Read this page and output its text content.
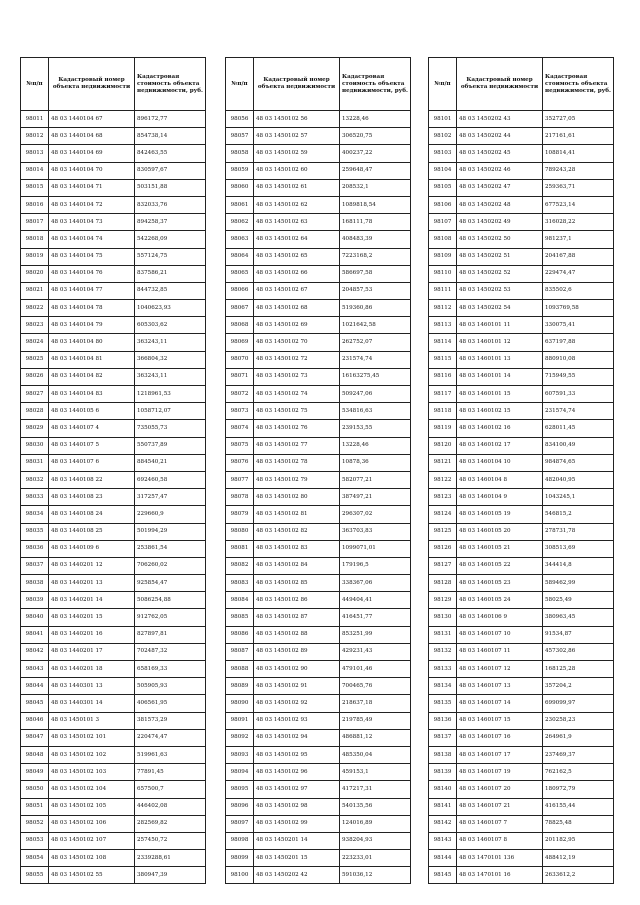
№п/п	Кадастровый номер объекта недвижимости	Кадастровая стоимость объекта недвижимости, руб.
98011	48 03 1440104 67	896172,77
98012	48 03 1440104 68	854738,14
98013	48 03 1440104 69	842463,55
98014	48 03 1440104 70	830597,67
98015	48 03 1440104 71	503151,88
98016	48 03 1440104 72	832033,76
98017	48 03 1440104 73	894258,37
98018	48 03 1440104 74	542268,09
98019	48 03 1440104 75	557124,75
98020	48 03 1440104 76	837586,21
98021	48 03 1440104 77	844732,85
98022	48 03 1440104 78	1040623,93
98023	48 03 1440104 79	605303,62
98024	48 03 1440104 80	363243,11
98025	48 03 1440104 81	366804,32
98026	48 03 1440104 82	363243,11
98027	48 03 1440104 83	1218961,53
98028	48 03 1440105 6	1058712,07
98029	48 03 1440107 4	735055,73
98030	48 03 1440107 5	550737,89
98031	48 03 1440107 6	884540,21
98032	48 03 1440108 22	692460,58
98033	48 03 1440108 23	317257,47
98034	48 03 1440108 24	229660,9
98035	48 03 1440108 25	501994,29
98036	48 03 1440109 6	253861,54
98037	48 03 1440201 12	706260,02
98038	48 03 1440201 13	925854,47
98039	48 03 1440201 14	5086254,88
98040	48 03 1440201 15	912762,05
98041	48 03 1440201 16	827897,81
98042	48 03 1440201 17	702487,32
98043	48 03 1440201 18	658169,33
98044	48 03 1440301 13	505905,93
98045	48 03 1440301 14	406561,95
98046	48 03 1450101 3	381573,29
98047	48 03 1450102 101	220474,47
98048	48 03 1450102 102	519961,63
98049	48 03 1450102 103	77891,45
98050	48 03 1450102 104	657500,7
98051	48 03 1450102 105	446402,08
98052	48 03 1450102 106	282569,82
98053	48 03 1450102 107	257450,72
98054	48 03 1450102 108	2339288,61
98055	48 03 1450102 55	380947,39
№п/п	Кадастровый номер объекта недвижимости	Кадастровая стоимость объекта недвижимости, руб.
98056	48 03 1450102 56	13228,46
98057	48 03 1450102 57	306520,75
98058	48 03 1450102 59	400237,22
98059	48 03 1450102 60	259648,47
98060	48 03 1450102 61	208532,1
98061	48 03 1450102 62	1089818,54
98062	48 03 1450102 63	168111,78
98063	48 03 1450102 64	408483,39
98064	48 03 1450102 65	7223168,2
98065	48 03 1450102 66	586697,58
98066	48 03 1450102 67	204857,53
98067	48 03 1450102 68	519360,86
98068	48 03 1450102 69	1021642,58
98069	48 03 1450102 70	262752,07
98070	48 03 1450102 72	231574,74
98071	48 03 1450102 73	16163275,45
98072	48 03 1450102 74	509247,06
98073	48 03 1450102 75	534816,63
98074	48 03 1450102 76	239153,55
98075	48 03 1450102 77	13228,46
98076	48 03 1450102 78	10878,36
98077	48 03 1450102 79	582077,21
98078	48 03 1450102 80	387497,21
98079	48 03 1450102 81	296307,02
98080	48 03 1450102 82	363703,83
98081	48 03 1450102 83	1099071,01
98082	48 03 1450102 84	179196,5
98083	48 03 1450102 85	338367,06
98084	48 03 1450102 86	449404,41
98085	48 03 1450102 87	416451,77
98086	48 03 1450102 88	853251,99
98087	48 03 1450102 89	429231,43
98088	48 03 1450102 90	479101,46
98089	48 03 1450102 91	700465,76
98090	48 03 1450102 92	218637,18
98091	48 03 1450102 93	219785,49
98092	48 03 1450102 94	486881,12
98093	48 03 1450102 95	485350,04
98094	48 03 1450102 96	459153,1
98095	48 03 1450102 97	417217,31
98096	48 03 1450102 98	540135,56
98097	48 03 1450102 99	124016,89
98098	48 03 1450201 14	938204,93
98099	48 03 1450201 15	223233,01
98100	48 03 1450202 42	591036,12
№п/п	Кадастровый номер объекта недвижимости	Кадастровая стоимость объекта недвижимости, руб.
98101	48 03 1450202 43	352727,05
98102	48 03 1450202 44	217161,61
98103	48 03 1450202 45	108814,41
98104	48 03 1450202 46	789243,28
98105	48 03 1450202 47	259363,71
98106	48 03 1450202 48	677523,14
98107	48 03 1450202 49	316028,22
98108	48 03 1450202 50	981237,1
98109	48 03 1450202 51	204167,88
98110	48 03 1450202 52	229474,47
98111	48 03 1450202 53	835502,6
98112	48 03 1450202 54	1093769,58
98113	48 03 1460101 11	330075,41
98114	48 03 1460101 12	637197,88
98115	48 03 1460101 13	880910,08
98116	48 03 1460101 14	715949,55
98117	48 03 1460101 15	607591,33
98118	48 03 1460102 15	231574,74
98119	48 03 1460102 16	628011,45
98120	48 03 1460102 17	834100,49
98121	48 03 1460104 10	984874,65
98122	48 03 1460104 8	482040,95
98123	48 03 1460104 9	1043245,1
98124	48 03 1460105 19	546815,2
98125	48 03 1460105 20	278731,78
98126	48 03 1460105 21	308513,69
98127	48 03 1460105 22	344414,8
98128	48 03 1460105 23	589462,99
98129	48 03 1460105 24	58025,49
98130	48 03 1460106 9	380963,45
98131	48 03 1460107 10	91534,87
98132	48 03 1460107 11	457302,86
98133	48 03 1460107 12	168125,28
98134	48 03 1460107 13	357204,2
98135	48 03 1460107 14	699099,97
98136	48 03 1460107 15	230258,23
98137	48 03 1460107 16	264961,9
98138	48 03 1460107 17	237469,37
98139	48 03 1460107 19	762162,5
98140	48 03 1460107 20	180972,79
98141	48 03 1460107 21	416155,44
98142	48 03 1460107 7	78825,48
98143	48 03 1460107 8	201182,95
98144	48 03 1470101 136	488412,19
98145	48 03 1470101 16	2633612,2
